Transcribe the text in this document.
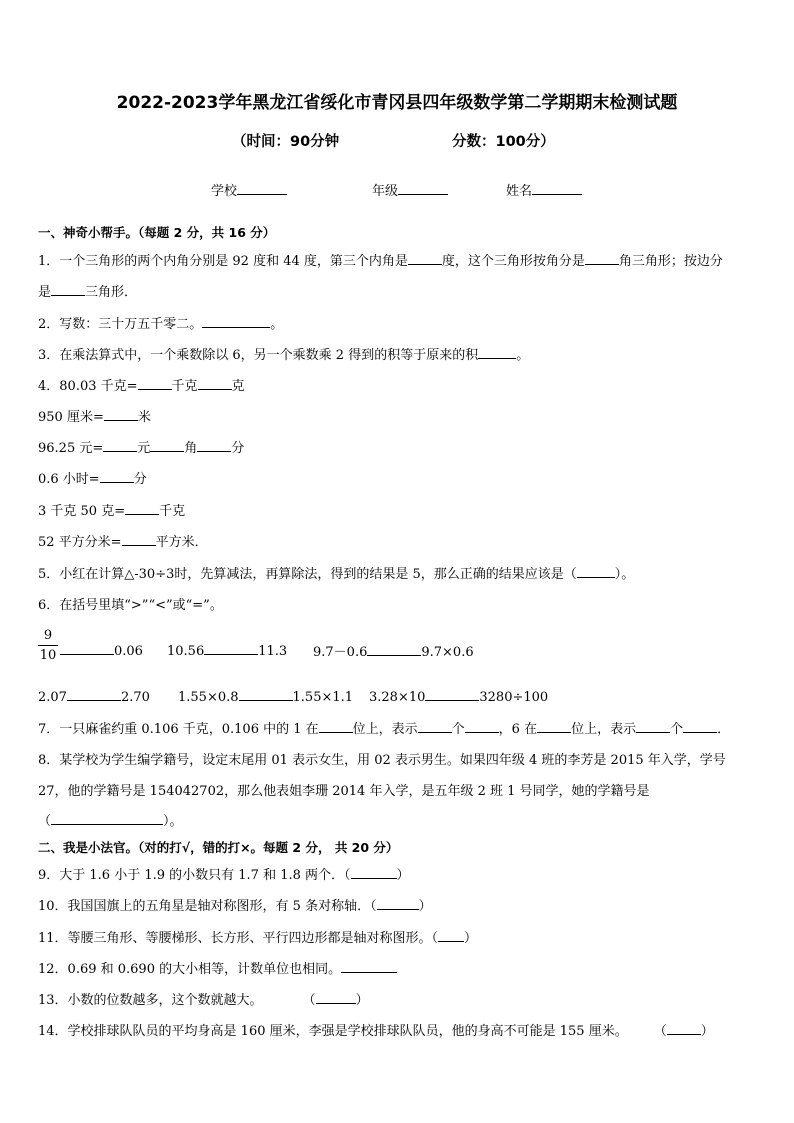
2022-2023学年黑龙江省绥化市青冈县四年级数学第二学期期末检测试题
（时间：90分钟	分数：100分）
学校	年级	姓名
一、神奇小帮手。（每题 2 分，共 16 分）
1．一个三角形的两个内角分别是 92 度和 44 度，第三个内角是	度，这个三角形按角分是	角三角形；按边分
是	三角形．
2．写数：三十万五千零二。	。
3．在乘法算式中，一个乘数除以 6，另一个乘数乘 2 得到的积等于原来的积	。
4．80.03 千克=	千克	克
950 厘米=	米
96.25 元=	元	角	分
0.6 小时=	分
3 千克 50 克=	千克
52 平方分米=	平方米．
5．小红在计算△-30÷3时，先算减法，再算除法，得到的结果是 5，那么正确的结果应该是（	）。
6．在括号里填“>”“<”或“=”。
9
10	0.06 10.56	11.3 9.7－0.6	9.7×0.6
2.07	2.70 1.55×0.8	1.55×1.1 3.28×10	3280÷100
7．一只麻雀约重 0.106 千克，0.106 中的 1 在	位上，表示	个	，6 在	位上，表示	个	．
8．某学校为学生编学籍号，设定末尾用 01 表示女生，用 02 表示男生。如果四年级 4 班的李芳是 2015 年入学，学号
27，他的学籍号是 154042702，那么他表姐李珊 2014 年入学，是五年级 2 班 1 号同学，她的学籍号是
（	）。
二、我是小法官。（对的打√，错的打×。每题 2 分， 共 20 分）
9．大于 1.6 小于 1.9 的小数只有 1.7 和 1.8 两个．（	）
10．我国国旗上的五角星是轴对称图形，有 5 条对称轴．（	）
11．等腰三角形、等腰梯形、长方形、平行四边形都是轴对称图形。（ ）
12．0.69 和 0.690 的大小相等，计数单位也相同。
13．小数的位数越多，这个数就越大。	（	）
14．学校排球队队员的平均身高是 160 厘米，李强是学校排球队队员，他的身高不可能是 155 厘米。 （	）
